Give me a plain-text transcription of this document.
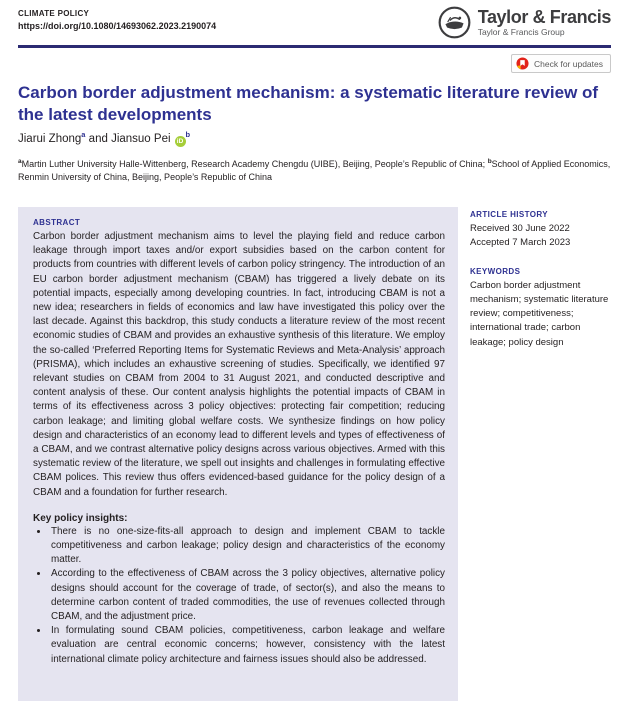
CLIMATE POLICY
https://doi.org/10.1080/14693062.2023.2190074	Taylor & Francis
Taylor & Francis Group
Check for updates
Carbon border adjustment mechanism: a systematic literature review of the latest developments
Jiarui Zhong$^a$ and Jiansuo Pei $iD^b$
$^a$Martin Luther University Halle-Wittenberg, Research Academy Chengdu (UIBE), Beijing, People’s Republic of China; $^b$School of Applied Economics, Renmin University of China, Beijing, People’s Republic of China
ABSTRACT
Carbon border adjustment mechanism aims to level the playing field and reduce carbon leakage through import taxes and/or export subsidies based on the carbon content for products from countries with different levels of carbon policy stringency. The introduction of an EU carbon border adjustment mechanism (CBAM) has triggered a lively debate on its potential impacts, especially among developing countries. In fact, introducing CBAM is not a new idea; researchers in fields of economics and law have investigated this policy over the last decade. Against this backdrop, this study conducts a literature review of the most recent economic studies of CBAM and provides an exhaustive synthesis of this literature. We employ the so-called ‘Preferred Reporting Items for Systematic Reviews and Meta-Analysis’ approach (PRISMA), which includes an exhaustive screening of studies. Specifically, we identified 97 relevant studies on CBAM from 2004 to 31 August 2021, and conducted descriptive and content analysis of these. Our content analysis highlights the potential impacts of CBAM in terms of its effectiveness across 3 policy objectives: protecting fair competition; reducing carbon leakage; and limiting global welfare costs. We synthesize findings on how policy design and characteristics of an economy lead to different levels and types of effectiveness of a CBAM, and we contrast alternative policy designs across various objectives. Armed with this systematic review of the literature, we spell out insights and challenges in formulating effective CBAM polices. This review thus offers evidenced-based guidance for the policy design of a CBAM and a foundation for further research.
Key policy insights:
• There is no one-size-fits-all approach to design and implement CBAM to tackle competitiveness and carbon leakage; policy design and characteristics of the economy matter.
• According to the effectiveness of CBAM across the 3 policy objectives, alternative policy designs should account for the coverage of trade, of sector(s), and also the means to determine carbon content of traded commodities, the use of revenues collected through CBAM, and the adjustment price.
• In formulating sound CBAM policies, competitiveness, carbon leakage and welfare evaluation are central economic concerns; however, consistency with the latest international climate policy architecture and fairness issues should also be addressed.
ARTICLE HISTORY
Received 30 June 2022
Accepted 7 March 2023
KEYWORDS
Carbon border adjustment mechanism; systematic literature review; competitiveness; international trade; carbon leakage; policy design
